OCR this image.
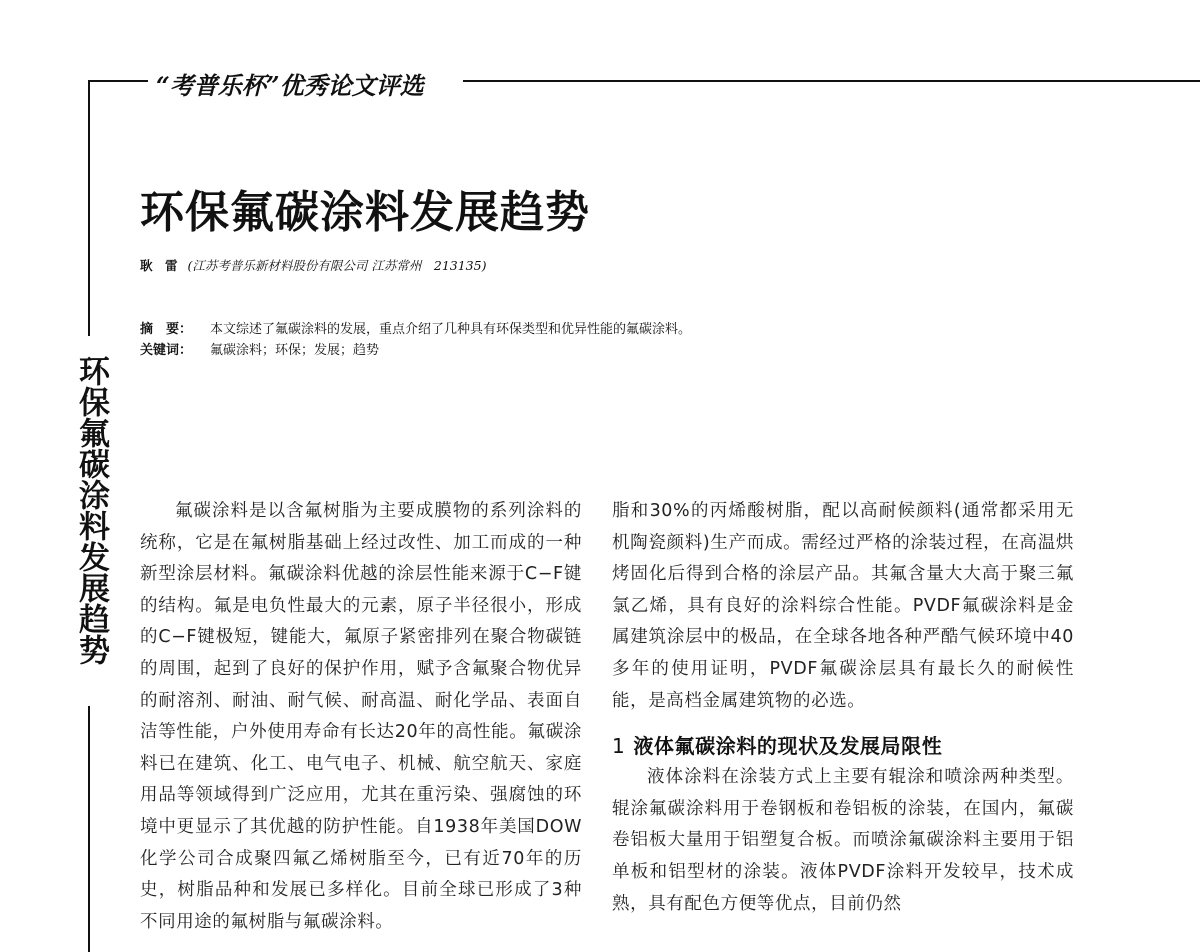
“考普乐杯”优秀论文评选
环保氟碳涂料发展趋势
环保氟碳涂料发展趋势
耿　雷 (江苏考普乐新材料股份有限公司 江苏常州　213135)
摘　要： 本文综述了氟碳涂料的发展，重点介绍了几种具有环保类型和优异性能的氟碳涂料。
关键词： 氟碳涂料；环保；发展；趋势

氟碳涂料是以含氟树脂为主要成膜物的系列涂料的统称，它是在氟树脂基础上经过改性、加工而成的一种新型涂层材料。氟碳涂料优越的涂层性能来源于C−F键的结构。氟是电负性最大的元素，原子半径很小，形成的C−F键极短，键能大，氟原子紧密排列在聚合物碳链的周围，起到了良好的保护作用，赋予含氟聚合物优异的耐溶剂、耐油、耐气候、耐高温、耐化学品、表面自洁等性能，户外使用寿命有长达20年的高性能。氟碳涂料已在建筑、化工、电气电子、机械、航空航天、家庭用品等领域得到广泛应用，尤其在重污染、强腐蚀的环境中更显示了其优越的防护性能。自1938年美国DOW化学公司合成聚四氟乙烯树脂至今，已有近70年的历史，树脂品种和发展已多样化。目前全球已形成了3种不同用途的氟树脂与氟碳涂料。

脂和30%的丙烯酸树脂，配以高耐候颜料(通常都采用无机陶瓷颜料)生产而成。需经过严格的涂装过程，在高温烘烤固化后得到合格的涂层产品。其氟含量大大高于聚三氟氯乙烯，具有良好的涂料综合性能。PVDF氟碳涂料是金属建筑涂层中的极品，在全球各地各种严酷气候环境中40多年的使用证明，PVDF氟碳涂层具有最长久的耐候性能，是高档金属建筑物的必选。

1 液体氟碳涂料的现状及发展局限性

液体涂料在涂装方式上主要有辊涂和喷涂两种类型。辊涂氟碳涂料用于卷钢板和卷铝板的涂装，在国内，氟碳卷铝板大量用于铝塑复合板。而喷涂氟碳涂料主要用于铝单板和铝型材的涂装。液体PVDF涂料开发较早，技术成熟，具有配色方便等优点，目前仍然
